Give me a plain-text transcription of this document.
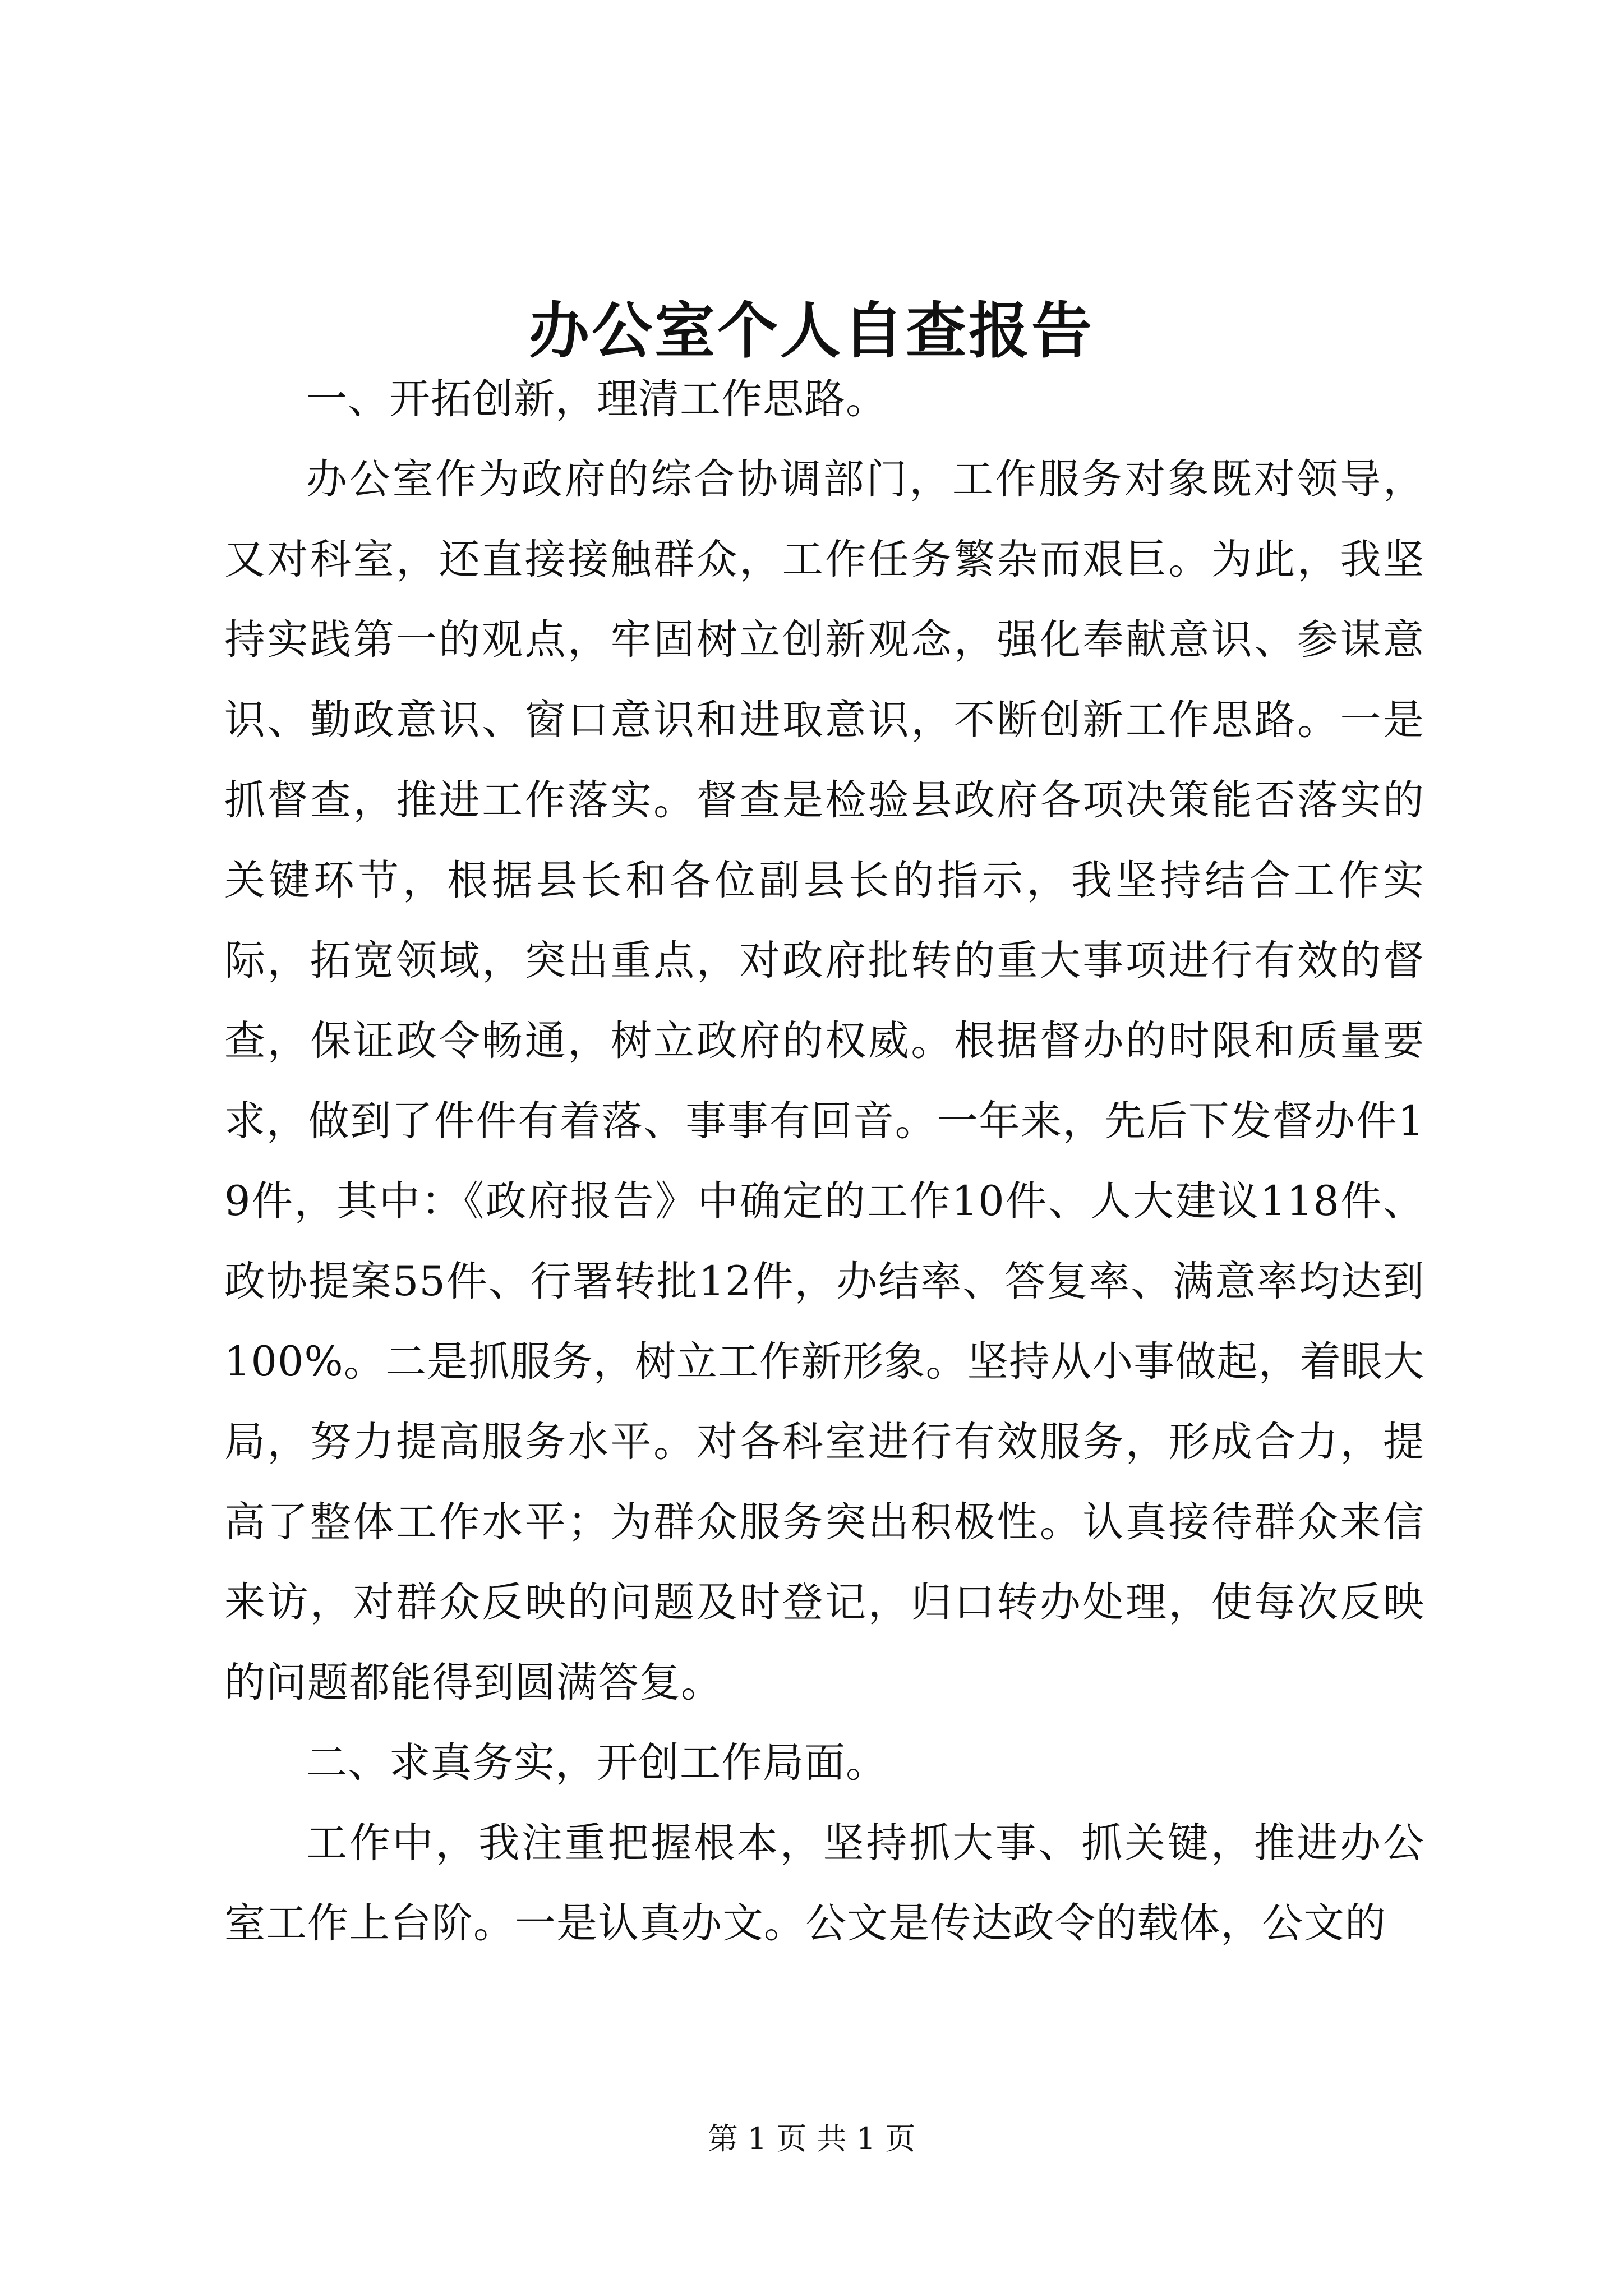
办公室个人自查报告

一、开拓创新，理清工作思路。

办公室作为政府的综合协调部门，工作服务对象既对领导，又对科室，还直接接触群众，工作任务繁杂而艰巨。为此，我坚持实践第一的观点，牢固树立创新观念，强化奉献意识、参谋意识、勤政意识、窗口意识和进取意识，不断创新工作思路。一是抓督查，推进工作落实。督查是检验县政府各项决策能否落实的关键环节，根据县长和各位副县长的指示，我坚持结合工作实际，拓宽领域，突出重点，对政府批转的重大事项进行有效的督查，保证政令畅通，树立政府的权威。根据督办的时限和质量要求，做到了件件有着落、事事有回音。一年来，先后下发督办件19件，其中：《政府报告》中确定的工作10件、人大建议118件、政协提案55件、行署转批12件，办结率、答复率、满意率均达到100%。二是抓服务，树立工作新形象。坚持从小事做起，着眼大局，努力提高服务水平。对各科室进行有效服务，形成合力，提高了整体工作水平；为群众服务突出积极性。认真接待群众来信来访，对群众反映的问题及时登记，归口转办处理，使每次反映的问题都能得到圆满答复。

二、求真务实，开创工作局面。

工作中，我注重把握根本，坚持抓大事、抓关键，推进办公室工作上台阶。一是认真办文。公文是传达政令的载体，公文的

第 1 页 共 1 页
